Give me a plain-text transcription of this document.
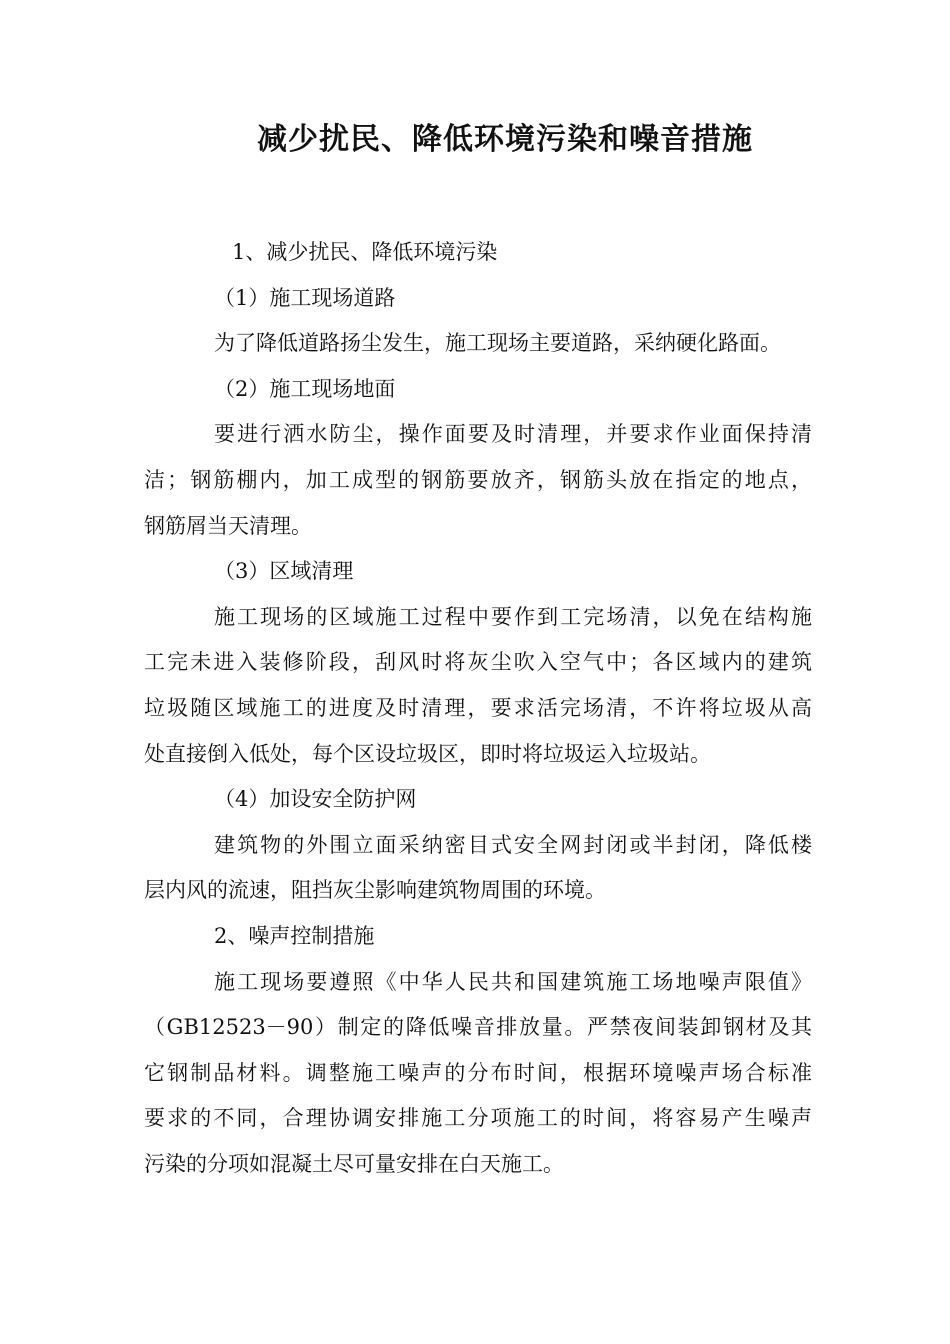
减少扰民、降低环境污染和噪音措施
1、减少扰民、降低环境污染
（1）施工现场道路
为了降低道路扬尘发生，施工现场主要道路，采纳硬化路面。
（2）施工现场地面
要进行洒水防尘，操作面要及时清理，并要求作业面保持清
洁；钢筋棚内，加工成型的钢筋要放齐，钢筋头放在指定的地点，
钢筋屑当天清理。
（3）区域清理
施工现场的区域施工过程中要作到工完场清，以免在结构施
工完未进入装修阶段，刮风时将灰尘吹入空气中；各区域内的建筑
垃圾随区域施工的进度及时清理，要求活完场清，不许将垃圾从高
处直接倒入低处，每个区设垃圾区，即时将垃圾运入垃圾站。
（4）加设安全防护网
建筑物的外围立面采纳密目式安全网封闭或半封闭，降低楼
层内风的流速，阻挡灰尘影响建筑物周围的环境。
2、噪声控制措施
施工现场要遵照《中华人民共和国建筑施工场地噪声限值》
（GB12523－90）制定的降低噪音排放量。严禁夜间装卸钢材及其
它钢制品材料。调整施工噪声的分布时间，根据环境噪声场合标准
要求的不同，合理协调安排施工分项施工的时间，将容易产生噪声
污染的分项如混凝土尽可量安排在白天施工。
